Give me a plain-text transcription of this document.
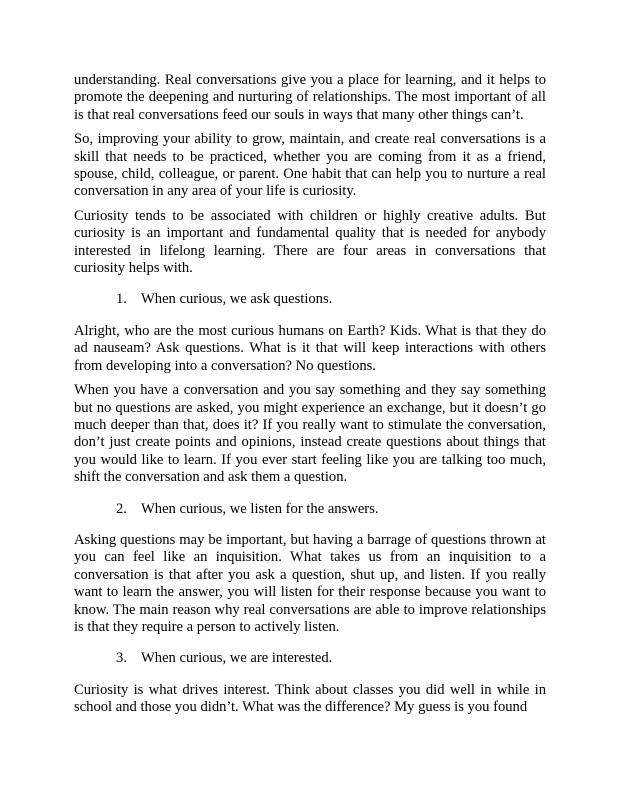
understanding. Real conversations give you a place for learning, and it helps to promote the deepening and nurturing of relationships. The most important of all is that real conversations feed our souls in ways that many other things can’t.

So, improving your ability to grow, maintain, and create real conversations is a skill that needs to be practiced, whether you are coming from it as a friend, spouse, child, colleague, or parent. One habit that can help you to nurture a real conversation in any area of your life is curiosity.

Curiosity tends to be associated with children or highly creative adults. But curiosity is an important and fundamental quality that is needed for anybody interested in lifelong learning. There are four areas in conversations that curiosity helps with.

1. When curious, we ask questions.

Alright, who are the most curious humans on Earth? Kids. What is that they do ad nauseam? Ask questions. What is it that will keep interactions with others from developing into a conversation? No questions.

When you have a conversation and you say something and they say something but no questions are asked, you might experience an exchange, but it doesn’t go much deeper than that, does it? If you really want to stimulate the conversation, don’t just create points and opinions, instead create questions about things that you would like to learn. If you ever start feeling like you are talking too much, shift the conversation and ask them a question.

2. When curious, we listen for the answers.

Asking questions may be important, but having a barrage of questions thrown at you can feel like an inquisition. What takes us from an inquisition to a conversation is that after you ask a question, shut up, and listen. If you really want to learn the answer, you will listen for their response because you want to know. The main reason why real conversations are able to improve relationships is that they require a person to actively listen.

3. When curious, we are interested.

Curiosity is what drives interest. Think about classes you did well in while in school and those you didn’t. What was the difference? My guess is you found
